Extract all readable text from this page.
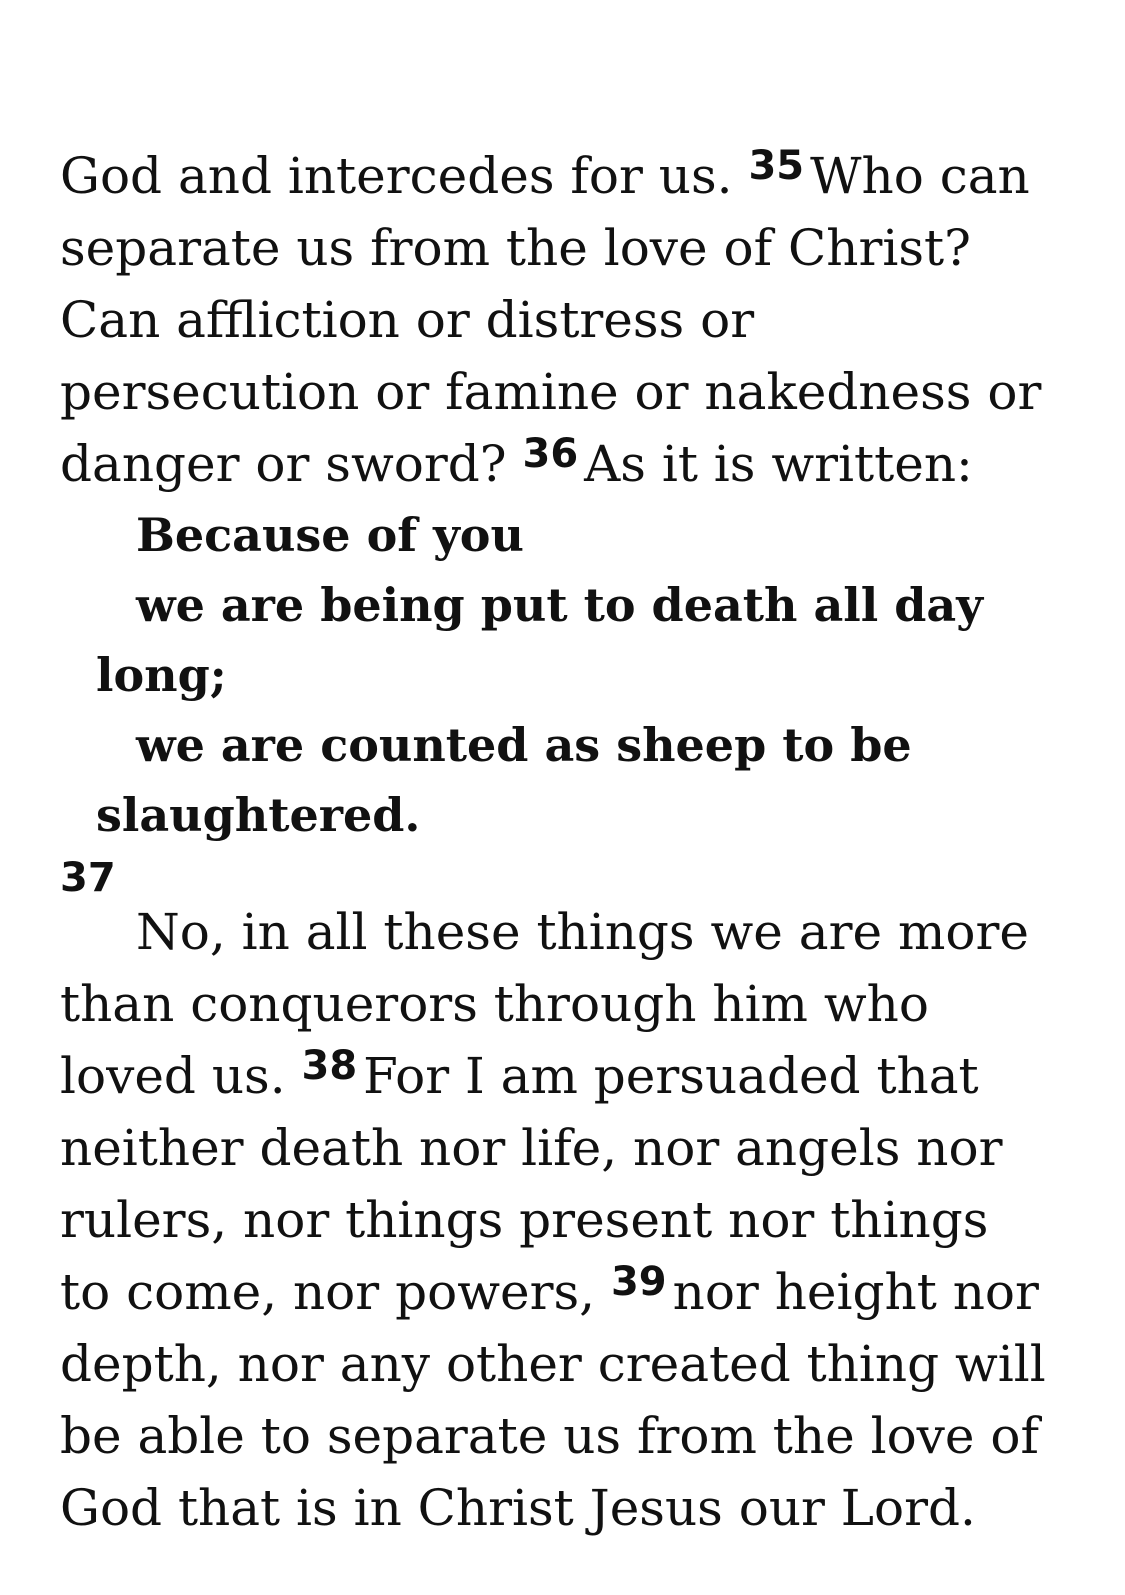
God and intercedes for us. $^{35}$ Who can separate us from the love of Christ? Can affliction or distress or persecution or famine or nakedness or danger or sword? $^{36}$ As it is written:

Because of you

we are being put to death all day long;

we are counted as sheep to be slaughtered.

37
No, in all these things we are more than conquerors through him who loved us. $^{38}$ For I am persuaded that neither death nor life, nor angels nor rulers, nor things present nor things to come, nor powers, $^{39}$ nor height nor depth, nor any other created thing will be able to separate us from the love of God that is in Christ Jesus our Lord.
